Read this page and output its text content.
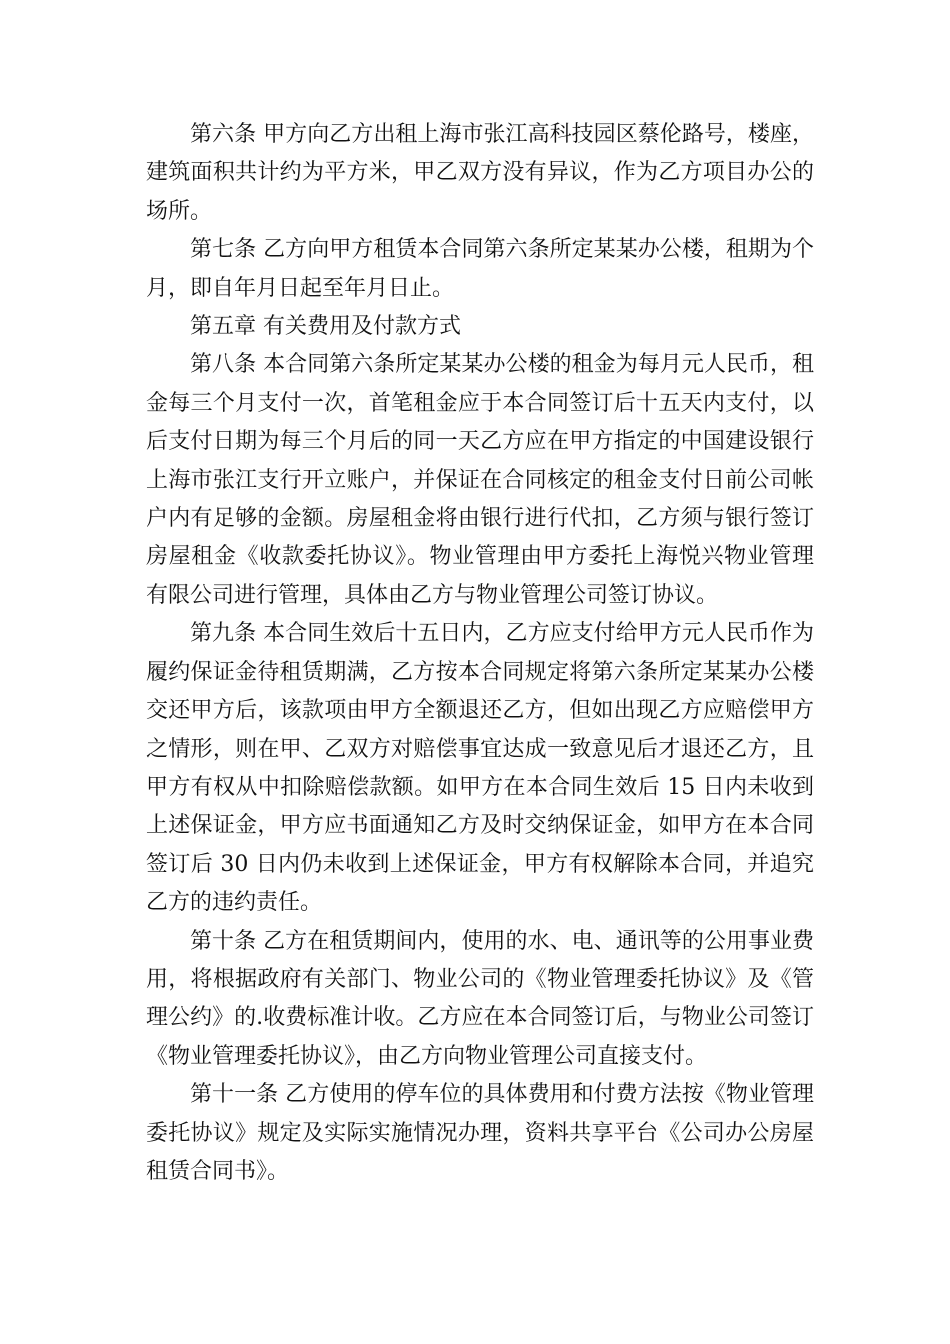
第六条 甲方向乙方出租上海市张江高科技园区蔡伦路号，楼座，建筑面积共计约为平方米，甲乙双方没有异议，作为乙方项目办公的场所。

第七条 乙方向甲方租赁本合同第六条所定某某办公楼，租期为个月，即自年月日起至年月日止。

第五章 有关费用及付款方式

第八条 本合同第六条所定某某办公楼的租金为每月元人民币，租金每三个月支付一次，首笔租金应于本合同签订后十五天内支付，以后支付日期为每三个月后的同一天乙方应在甲方指定的中国建设银行上海市张江支行开立账户，并保证在合同核定的租金支付日前公司帐户内有足够的金额。房屋租金将由银行进行代扣，乙方须与银行签订房屋租金《收款委托协议》。物业管理由甲方委托上海悦兴物业管理有限公司进行管理，具体由乙方与物业管理公司签订协议。

第九条 本合同生效后十五日内，乙方应支付给甲方元人民币作为履约保证金待租赁期满，乙方按本合同规定将第六条所定某某办公楼交还甲方后，该款项由甲方全额退还乙方，但如出现乙方应赔偿甲方之情形，则在甲、乙双方对赔偿事宜达成一致意见后才退还乙方，且甲方有权从中扣除赔偿款额。如甲方在本合同生效后 15 日内未收到上述保证金，甲方应书面通知乙方及时交纳保证金，如甲方在本合同签订后 30 日内仍未收到上述保证金，甲方有权解除本合同，并追究乙方的违约责任。

第十条 乙方在租赁期间内，使用的水、电、通讯等的公用事业费用，将根据政府有关部门、物业公司的《物业管理委托协议》及《管理公约》的.收费标准计收。乙方应在本合同签订后，与物业公司签订《物业管理委托协议》，由乙方向物业管理公司直接支付。

第十一条 乙方使用的停车位的具体费用和付费方法按《物业管理委托协议》规定及实际实施情况办理，资料共享平台《公司办公房屋租赁合同书》。
